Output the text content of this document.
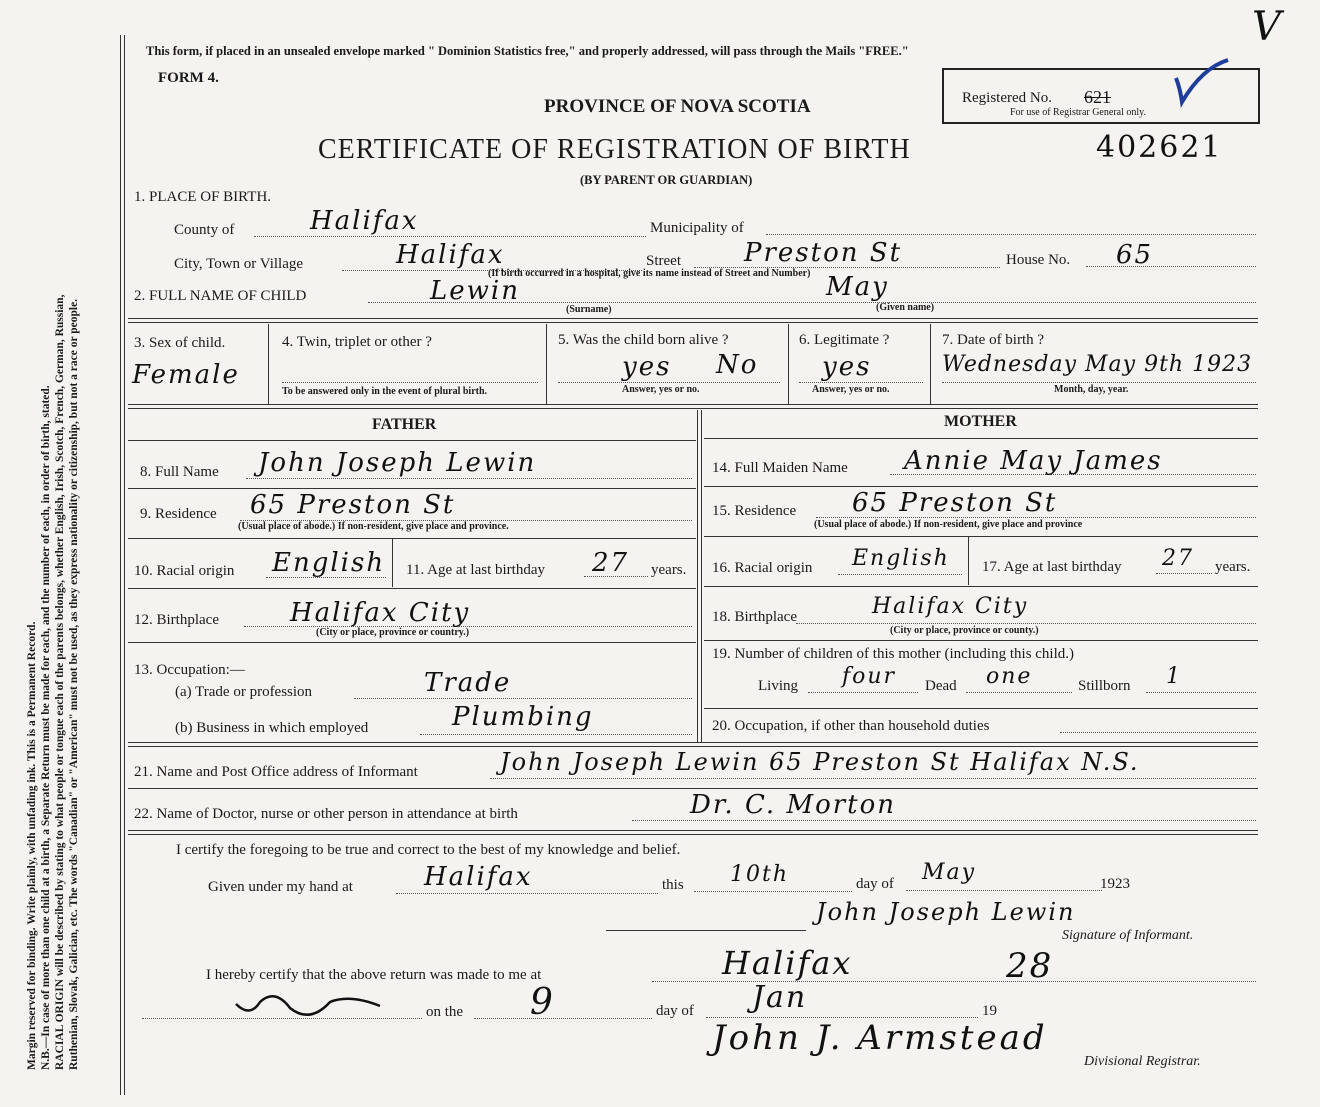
Margin reserved for binding. Write plainly, with unfading ink. This is a Permanent Record. N.B.—In case of more than one child at a birth, a Separate Return must be made for each, and the number of each, in order of birth, stated. RACIAL ORIGIN will be described by stating to what people or tongue each of the parents belongs, whether English, Irish, Scotch, French, German, Russian, Ruthenian, Slovak, Galician, etc. The words "Canadian" or "American" must not be used, as they express nationality or citizenship, but not a race or people.
This form, if placed in an unsealed envelope marked " Dominion Statistics free," and properly addressed, will pass through the Mails "FREE."
V
FORM 4.
PROVINCE OF NOVA SCOTIA	Registered No. 621
For use of Registrar General only.
CERTIFICATE OF REGISTRATION OF BIRTH	402621
(BY PARENT OR GUARDIAN)
1. PLACE OF BIRTH.
County of	Halifax	Municipality of
City, Town or Village	Halifax	Street Preston St	House No. 65
(If birth occurred in a hospital, give its name instead of Street and Number)
2. FULL NAME OF CHILD	Lewin	May
(Surname)	(Given name)
3. Sex of child.
Female
4. Twin, triplet or other ?
To be answered only in the event of plural birth.
5. Was the child born alive ?
yes No
Answer, yes or no.
6. Legitimate ?
yes
Answer, yes or no.
7. Date of birth ?
Wednesday May 9th 1923
Month, day, year.
FATHER	MOTHER
8. Full Name John Joseph Lewin	14. Full Maiden Name Annie May James
9. Residence 65 Preston St
(Usual place of abode.) If non-resident, give place and province.
15. Residence 65 Preston St
(Usual place of abode.) If non-resident, give place and province
10. Racial origin English 11. Age at last birthday 27 years. 16. Racial origin English 17. Age at last birthday 27 years.
12. Birthplace	Halifax City
(City or place, province or country.)
18. Birthplace	Halifax City
(City or place, province or county.)
13. Occupation:—
(a) Trade or profession	Trade
(b) Business in which employed	Plumbing
19. Number of children of this mother (including this child.)
Living four Dead one	Stillborn 1
20. Occupation, if other than household duties
21. Name and Post Office address of Informant	John Joseph Lewin 65 Preston St Halifax N.S.
22. Name of Doctor, nurse or other person in attendance at birth	Dr. C. Morton
I certify the foregoing to be true and correct to the best of my knowledge and belief.
Given under my hand at	Halifax	this 10th	day of May	1923
John Joseph Lewin
Signature of Informant.
I hereby certify that the above return was made to me at	Halifax
on the 9	day of Jan	19
28
John J. Armstead
Divisional Registrar.
